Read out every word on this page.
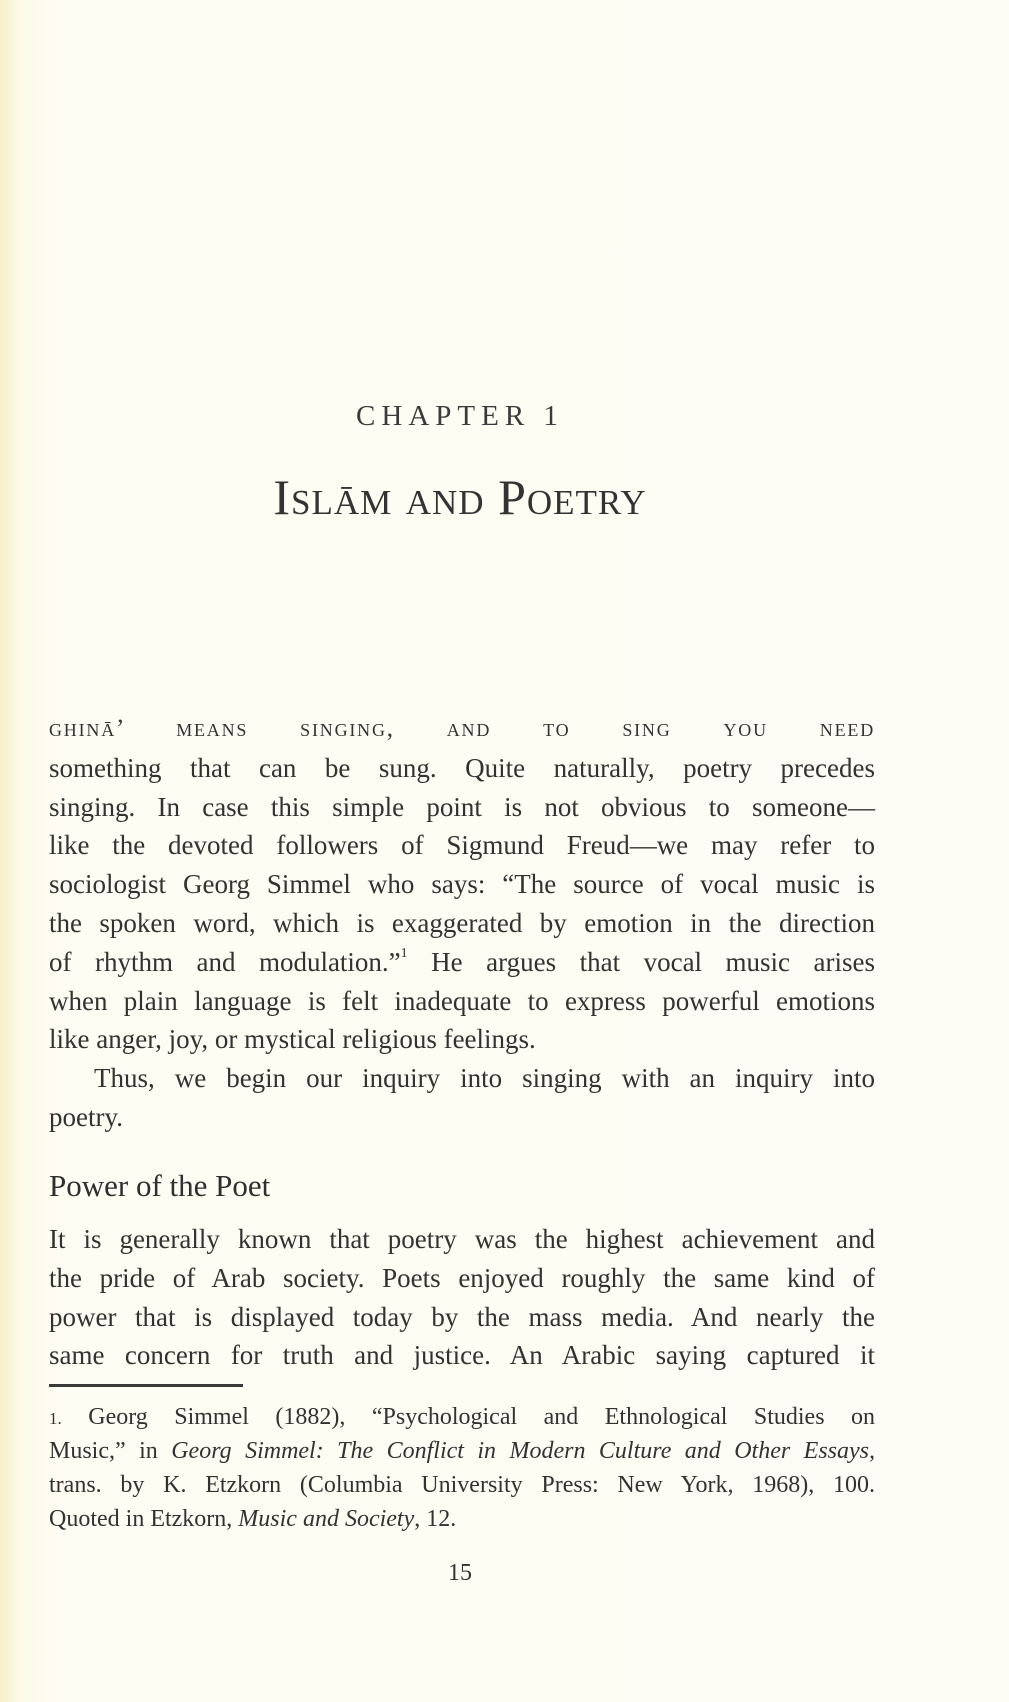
CHAPTER 1
Islām and Poetry
ghinā’ means singing, and to sing you need
something that can be sung. Quite naturally, poetry precedes
singing. In case this simple point is not obvious to someone—
like the devoted followers of Sigmund Freud—we may refer to
sociologist Georg Simmel who says: “The source of vocal music is
the spoken word, which is exaggerated by emotion in the direction
of rhythm and modulation.”$^1$ He argues that vocal music arises
when plain language is felt inadequate to express powerful emotions
like anger, joy, or mystical religious feelings.
Thus, we begin our inquiry into singing with an inquiry into
poetry.
Power of the Poet
It is generally known that poetry was the highest achievement and
the pride of Arab society. Poets enjoyed roughly the same kind of
power that is displayed today by the mass media. And nearly the
same concern for truth and justice. An Arabic saying captured it
1. Georg Simmel (1882), “Psychological and Ethnological Studies on
Music,” in Georg Simmel: The Conflict in Modern Culture and Other Essays,
trans. by K. Etzkorn (Columbia University Press: New York, 1968), 100.
Quoted in Etzkorn, Music and Society, 12.
15
